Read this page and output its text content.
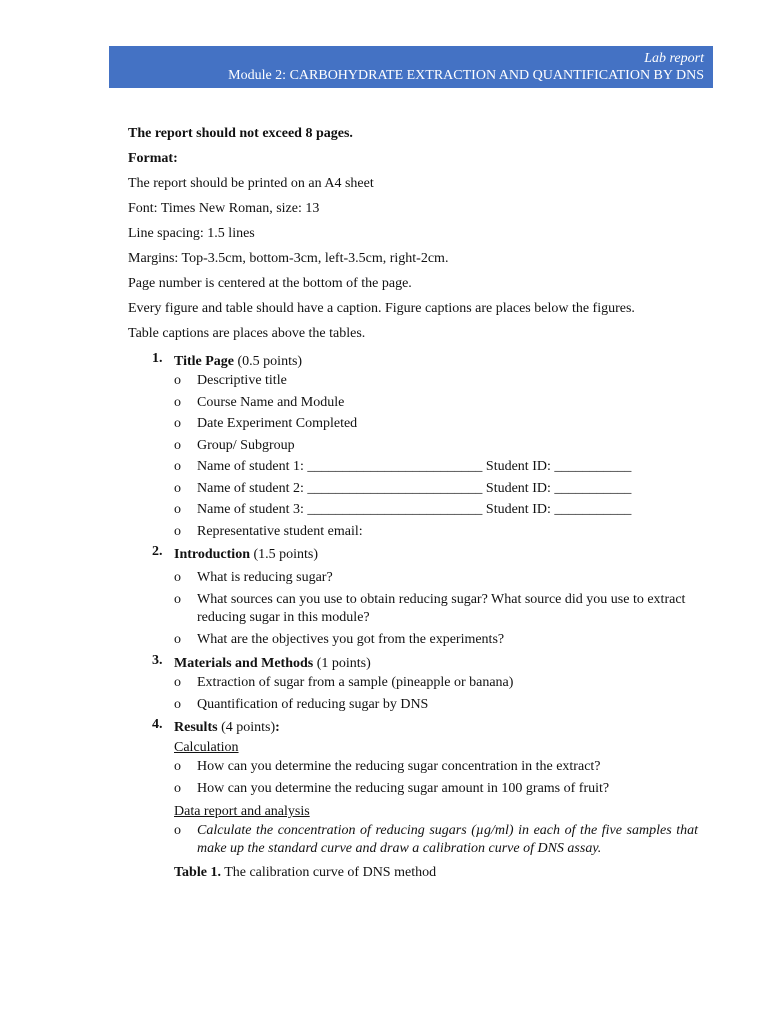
Lab report
Module 2: CARBOHYDRATE EXTRACTION AND QUANTIFICATION BY DNS

The report should not exceed 8 pages.

Format:

The report should be printed on an A4 sheet

Font: Times New Roman, size: 13

Line spacing: 1.5 lines

Margins: Top-3.5cm, bottom-3cm, left-3.5cm, right-2cm.

Page number is centered at the bottom of the page.

Every figure and table should have a caption. Figure captions are places below the figures.

Table captions are places above the tables.

1. Title Page (0.5 points)
o Descriptive title
o Course Name and Module
o Date Experiment Completed
o Group/ Subgroup
o Name of student 1: _________________________ Student ID: ___________
o Name of student 2: _________________________ Student ID: ___________
o Name of student 3: _________________________ Student ID: ___________
o Representative student email:
2. Introduction (1.5 points)
o What is reducing sugar?
o What sources can you use to obtain reducing sugar? What source did you use to extract reducing sugar in this module?
o What are the objectives you got from the experiments?
3. Materials and Methods (1 points)
o Extraction of sugar from a sample (pineapple or banana)
o Quantification of reducing sugar by DNS
4. Results (4 points):
Calculation
o How can you determine the reducing sugar concentration in the extract?
o How can you determine the reducing sugar amount in 100 grams of fruit?
Data report and analysis
o Calculate the concentration of reducing sugars (µg/ml) in each of the five samples that make up the standard curve and draw a calibration curve of DNS assay.
Table 1. The calibration curve of DNS method
